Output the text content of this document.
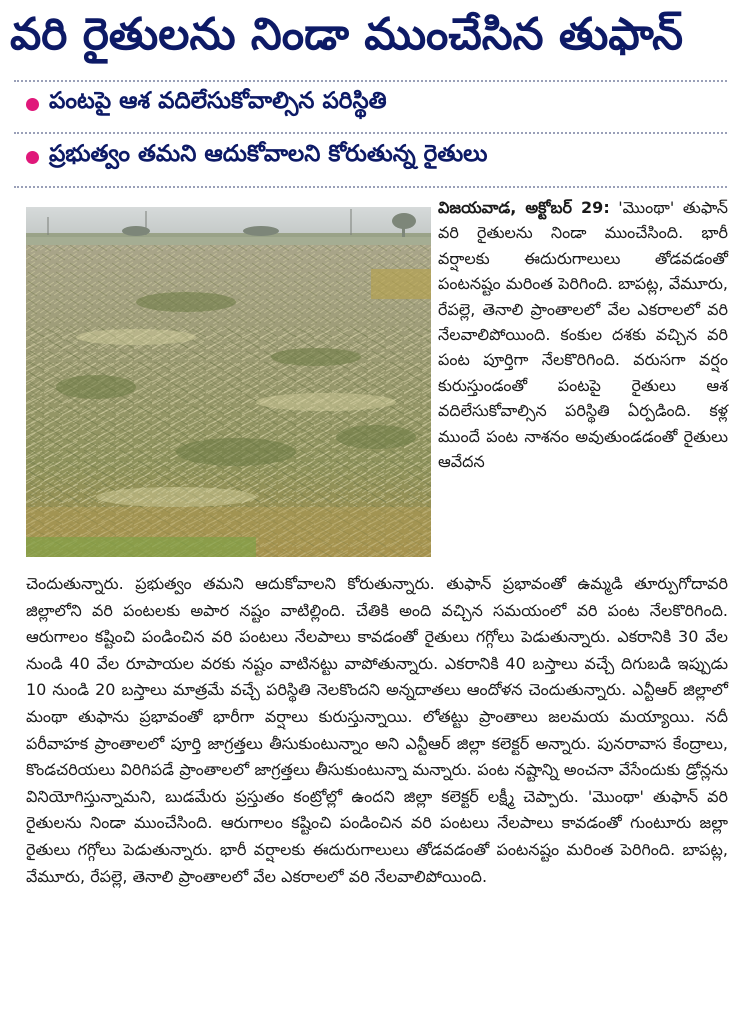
వరి రైతులను నిండా ముంచేసిన తుఫాన్
పంటపై ఆశ వదిలేసుకోవాల్సిన పరిస్థితి
ప్రభుత్వం తమని ఆదుకోవాలని కోరుతున్న రైతులు

విజయవాడ, అక్టోబర్ 29: 'మొంథా' తుఫాన్ వరి రైతులను నిండా ముంచేసింది. భారీ వర్షాలకు ఈదురుగాలులు తోడవడంతో పంటనష్టం మరింత పెరిగింది. బాపట్ల, వేమూరు, రేపల్లె, తెనాలి ప్రాంతాలలో వేల ఎకరాలలో వరి నేలవాలిపోయింది. కంకుల దశకు వచ్చిన వరి పంట పూర్తిగా నేలకొరిగింది. వరుసగా వర్షం కురుస్తుండంతో పంటపై రైతులు ఆశ వదిలేసుకోవాల్సిన పరిస్థితి ఏర్పడింది. కళ్ల ముందే పంట నాశనం అవుతుండడంతో రైతులు ఆవేదన

చెందుతున్నారు. ప్రభుత్వం తమని ఆదుకోవాలని కోరుతున్నారు. తుఫాన్ ప్రభావంతో ఉమ్మడి తూర్పుగోదావరి జిల్లాలోని వరి పంటలకు అపార నష్టం వాటిల్లింది. చేతికి అంది వచ్చిన సమయంలో వరి పంట నేలకొరిగింది. ఆరుగాలం కష్టించి పండించిన వరి పంటలు నేలపాలు కావడంతో రైతులు గగ్గోలు పెడుతున్నారు. ఎకరానికి 30 వేల నుండి 40 వేల రూపాయల వరకు నష్టం వాటినట్టు వాపోతున్నారు. ఎకరానికి 40 బస్తాలు వచ్చే దిగుబడి ఇప్పుడు 10 నుండి 20 బస్తాలు మాత్రమే వచ్చే పరిస్థితి నెలకొందని అన్నదాతలు ఆందోళన చెందుతున్నారు. ఎన్టీఆర్ జిల్లాలో మంథా తుఫాను ప్రభావంతో భారీగా వర్షాలు కురుస్తున్నాయి. లోతట్టు ప్రాంతాలు జలమయ మయ్యాయి. నదీ పరీవాహక ప్రాంతాలలో పూర్తి జాగ్రత్తలు తీసుకుంటున్నాం అని ఎన్టీఆర్ జిల్లా కలెక్టర్ అన్నారు. పునరావాస కేంద్రాలు, కొండచరియలు విరిగిపడే ప్రాంతాలలో జాగ్రత్తలు తీసుకుంటున్నా మన్నారు. పంట నష్టాన్ని అంచనా వేసేందుకు డ్రోన్లను వినియోగిస్తున్నామని, బుడమేరు ప్రస్తుతం కంట్రోల్లో ఉందని జిల్లా కలెక్టర్ లక్ష్మీ చెప్పారు. 'మొంథా' తుఫాన్ వరి రైతులను నిండా ముంచేసింది. ఆరుగాలం కష్టించి పండించిన వరి పంటలు నేలపాలు కావడంతో గుంటూరు జల్లా రైతులు గగ్గోలు పెడుతున్నారు. భారీ వర్షాలకు ఈదురుగాలులు తోడవడంతో పంటనష్టం మరింత పెరిగింది. బాపట్ల, వేమూరు, రేపల్లె, తెనాలి ప్రాంతాలలో వేల ఎకరాలలో వరి నేలవాలిపోయింది.
